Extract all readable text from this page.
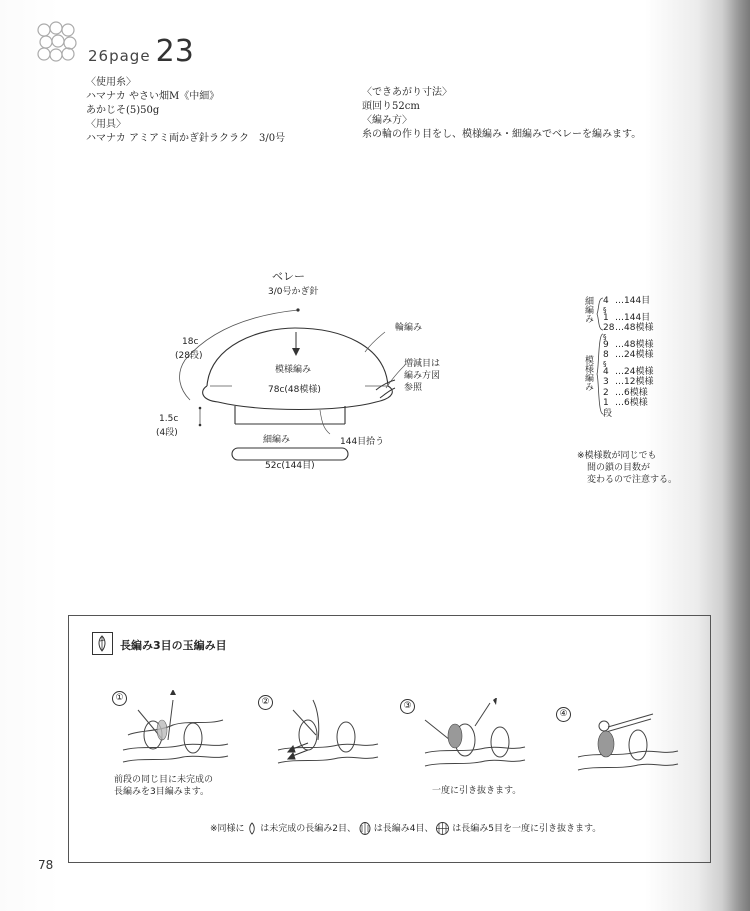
26page 23
〈使用糸〉
ハマナカ やさい畑M《中細》
あかじそ(5)50g
〈用具〉
ハマナカ アミアミ両かぎ針ラクラク　3/0号
〈できあがり寸法〉
頭回り52cm
〈編み方〉
糸の輪の作り目をし、模様編み・細編みでベレーを編みます。
ベレー
3/0号かぎ針
18c
(28段)
1.5c
(4段)
模様編み
78c(48模様)
輪編み
増減目は
編み方図
参照
細編み	144目拾う
52c(144目)
細編み
模様編み
4 …144目
§
1 …144目
28…48模様
§
9 …48模様
8 …24模様
§
4 …24模様
3 …12模様
2 …6模様
1 …6模様
段
※模様数が同じでも
間の鎖の目数が
変わるので注意する。
長編み3目の玉編み目
①	②	③
④
前段の同じ目に未完成の
長編みを3目編みます。	一度に引き抜きます。
※同様に は未完成の長編み2目、 は長編み4目、 は長編み5目を一度に引き抜きます。
78
